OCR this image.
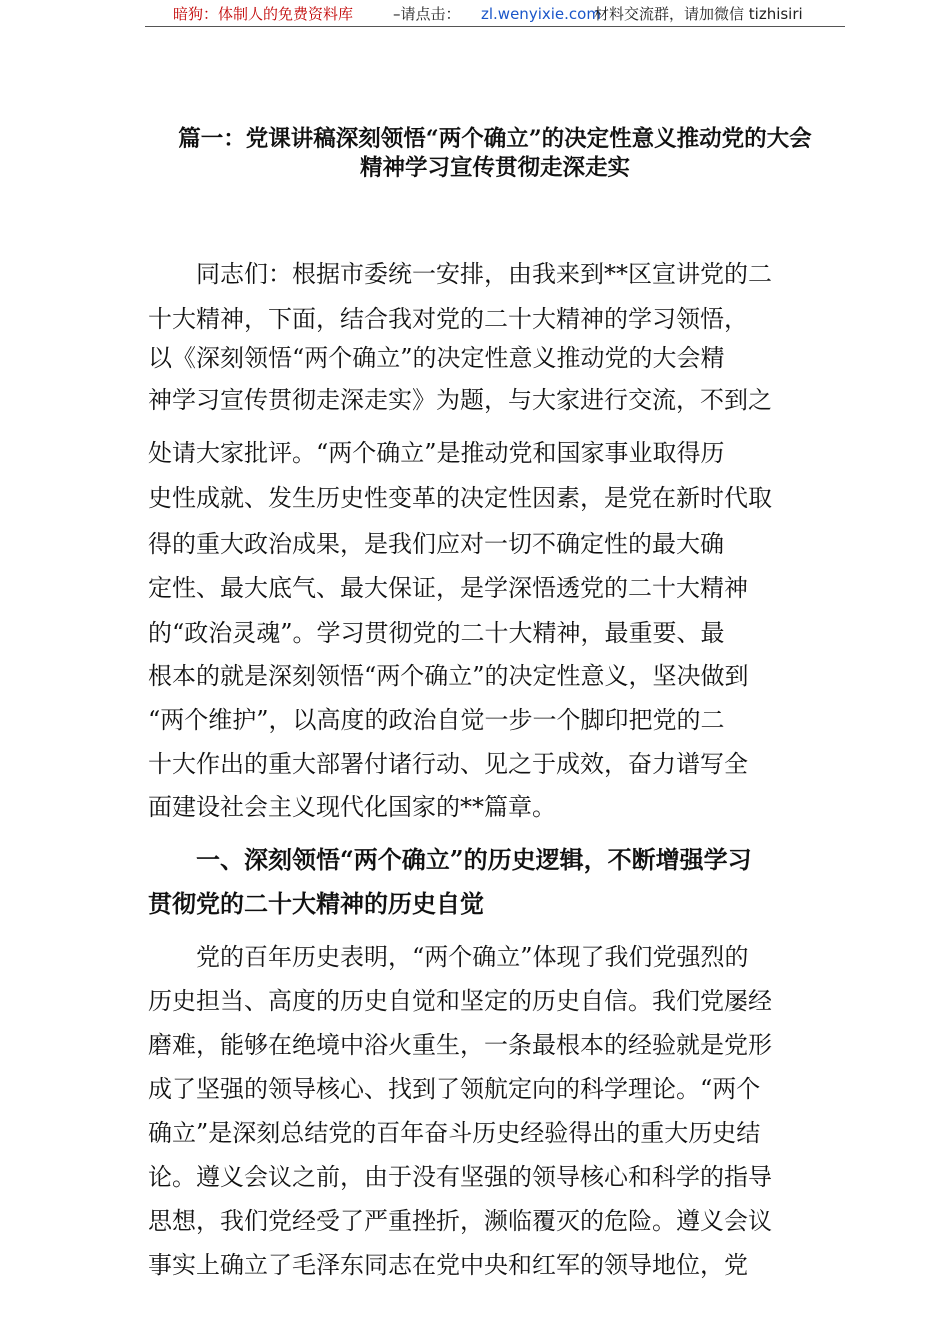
暗狗：体制人的免费资料库	–请点击： zl.wenyixie.com
材料交流群，请加微信 tizhisiri
篇一：党课讲稿深刻领悟“两个确立”的决定性意义推动党的大会
精神学习宣传贯彻走深走实
　　同志们：根据市委统一安排，由我来到**区宣讲党的二
十大精神，下面，结合我对党的二十大精神的学习领悟，
以《深刻领悟“两个确立”的决定性意义推动党的大会精
神学习宣传贯彻走深走实》为题，与大家进行交流，不到之
处请大家批评。“两个确立”是推动党和国家事业取得历
史性成就、发生历史性变革的决定性因素，是党在新时代取
得的重大政治成果，是我们应对一切不确定性的最大确
定性、最大底气、最大保证，是学深悟透党的二十大精神
的“政治灵魂”。学习贯彻党的二十大精神，最重要、最
根本的就是深刻领悟“两个确立”的决定性意义，坚决做到
“两个维护”，以高度的政治自觉一步一个脚印把党的二
十大作出的重大部署付诸行动、见之于成效，奋力谱写全
面建设社会主义现代化国家的**篇章。
　　一、深刻领悟“两个确立”的历史逻辑，不断增强学习
贯彻党的二十大精神的历史自觉
　　党的百年历史表明，“两个确立”体现了我们党强烈的
历史担当、高度的历史自觉和坚定的历史自信。我们党屡经
磨难，能够在绝境中浴火重生，一条最根本的经验就是党形
成了坚强的领导核心、找到了领航定向的科学理论。“两个
确立”是深刻总结党的百年奋斗历史经验得出的重大历史结
论。遵义会议之前，由于没有坚强的领导核心和科学的指导
思想，我们党经受了严重挫折，濒临覆灭的危险。遵义会议
事实上确立了毛泽东同志在党中央和红军的领导地位，党
